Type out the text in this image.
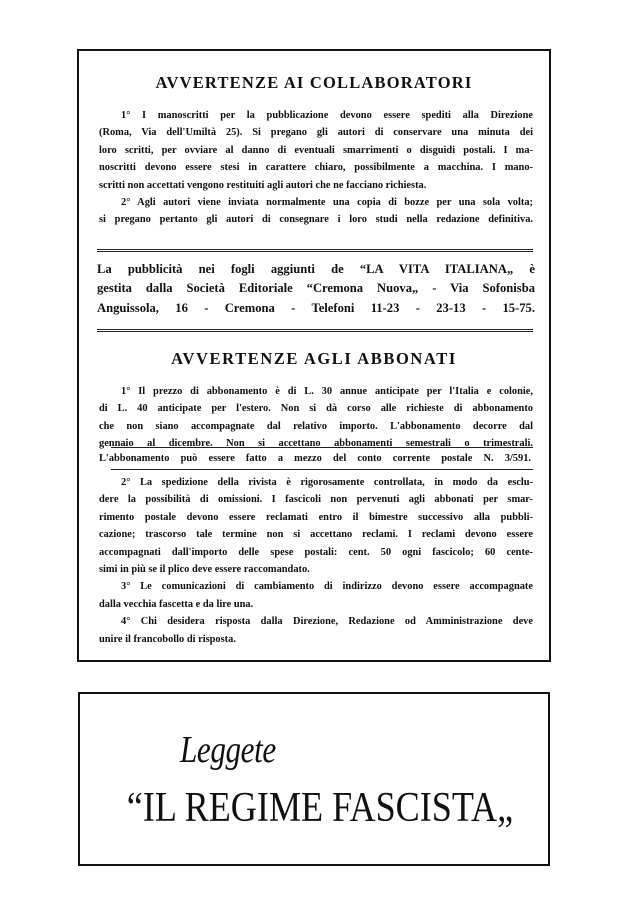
AVVERTENZE AI COLLABORATORI
1° I manoscritti per la pubblicazione devono essere spediti alla Direzione
(Roma, Via dell'Umiltà 25). Si pregano gli autori di conservare una minuta dei
loro scritti, per ovviare al danno di eventuali smarrimenti o disguidi postali. I ma-
noscritti devono essere stesi in carattere chiaro, possibilmente a macchina. I mano-
scritti non accettati vengono restituiti agli autori che ne facciano richiesta.
2° Agli autori viene inviata normalmente una copia di bozze per una sola volta;
si pregano pertanto gli autori di consegnare i loro studi nella redazione definitiva.
La pubblicità nei fogli aggiunti de “LA VITA ITALIANA„ è
gestita dalla Società Editoriale “Cremona Nuova„ - Via Sofonisba
Anguissola, 16 - Cremona - Telefoni 11-23 - 23-13 - 15-75.
AVVERTENZE AGLI ABBONATI
1° Il prezzo di abbonamento è di L. 30 annue anticipate per l'Italia e colonie,
di L. 40 anticipate per l'estero. Non si dà corso alle richieste di abbonamento
che non siano accompagnate dal relativo importo. L'abbonamento decorre dal
gennaio al dicembre. Non si accettano abbonamenti semestrali o trimestrali.
L'abbonamento può essere fatto a mezzo del conto corrente postale N. 3/591.
2° La spedizione della rivista è rigorosamente controllata, in modo da esclu-
dere la possibilità di omissioni. I fascicoli non pervenuti agli abbonati per smar-
rimento postale devono essere reclamati entro il bimestre successivo alla pubbli-
cazione; trascorso tale termine non si accettano reclami. I reclami devono essere
accompagnati dall'importo delle spese postali: cent. 50 ogni fascicolo; 60 cente-
simi in più se il plico deve essere raccomandato.
3° Le comunicazioni di cambiamento di indirizzo devono essere accompagnate
dalla vecchia fascetta e da lire una.
4° Chi desidera risposta dalla Direzione, Redazione od Amministrazione deve
unire il francobollo di risposta.
Leggete
“IL REGIME FASCISTA„
